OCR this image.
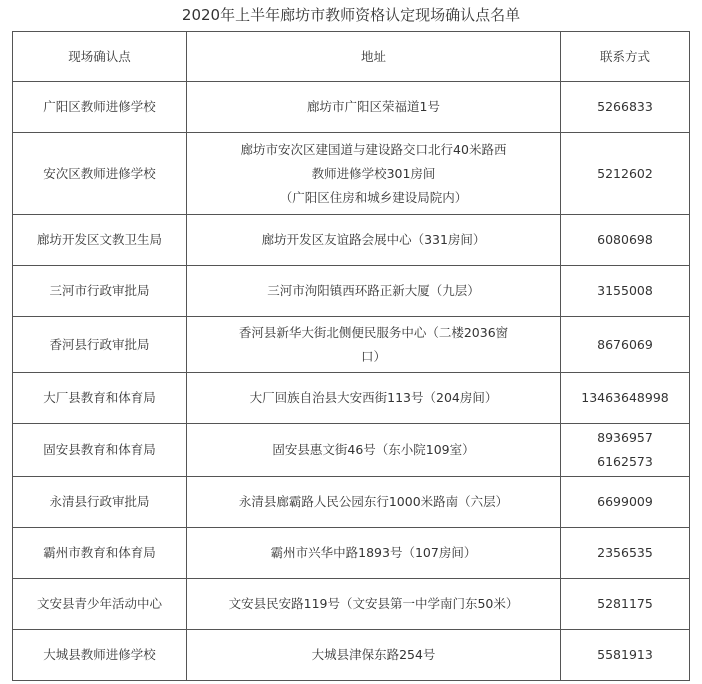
2020年上半年廊坊市教师资格认定现场确认点名单
现场确认点	地址	联系方式
广阳区教师进修学校	廊坊市广阳区荣福道1号	5266833

安次区教师进修学校	廊坊市安次区建国道与建设路交口北行40米路西
教师进修学校301房间
（广阳区住房和城乡建设局院内）	5212602

廊坊开发区文教卫生局	廊坊开发区友谊路会展中心（331房间）	6080698

三河市行政审批局	三河市泃阳镇西环路正新大厦（九层）	3155008

香河县行政审批局	香河县新华大街北侧便民服务中心（二楼2036窗
口）	8676069

大厂县教育和体育局	大厂回族自治县大安西街113号（204房间）	13463648998

固安县教育和体育局	固安县惠文街46号（东小院109室）	8936957
6162573

永清县行政审批局	永清县廊霸路人民公园东行1000米路南（六层）	6699009

霸州市教育和体育局	霸州市兴华中路1893号（107房间）	2356535

文安县青少年活动中心	文安县民安路119号（文安县第一中学南门东50米）	5281175

大城县教师进修学校	大城县津保东路254号	5581913
